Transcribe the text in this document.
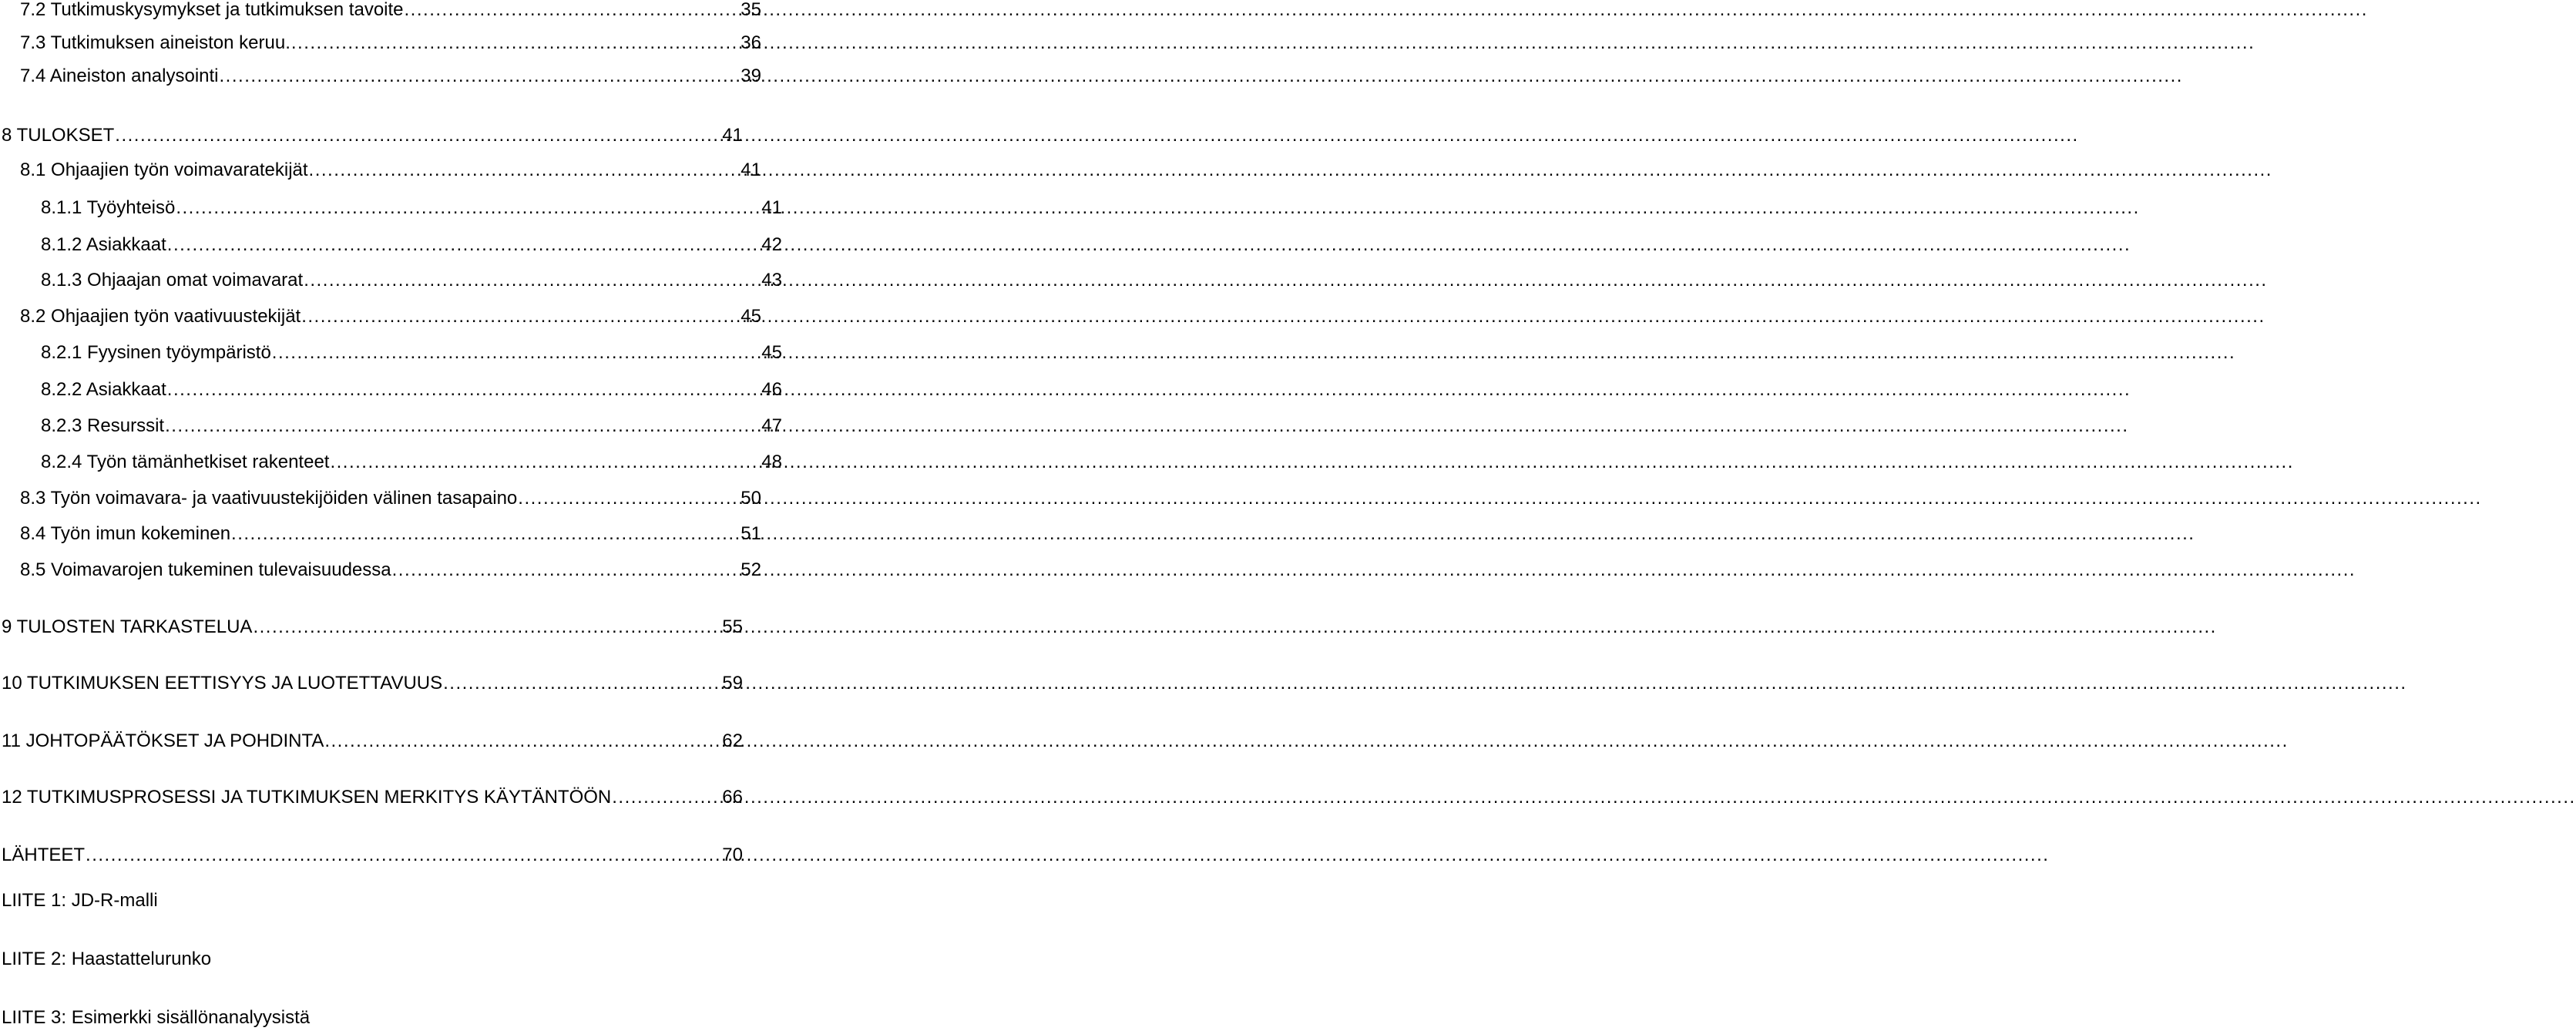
7.2 Tutkimuskysymykset ja tutkimuksen tavoite .....	35
7.3 Tutkimuksen aineiston keruu. .....	36
7.4 Aineiston analysointi .....	39
8 TULOKSET .....	41
8.1 Ohjaajien työn voimavaratekijät .....	41
8.1.1 Työyhteisö .....	41
8.1.2 Asiakkaat .....	42
8.1.3 Ohjaajan omat voimavarat .....	43
8.2 Ohjaajien työn vaativuustekijät .....	45
8.2.1 Fyysinen työympäristö .....	45
8.2.2 Asiakkaat .....	46
8.2.3 Resurssit .....	47
8.2.4 Työn tämänhetkiset rakenteet .....	48
8.3 Työn voimavara- ja vaativuustekijöiden välinen tasapaino .....	50
8.4 Työn imun kokeminen .....	51
8.5 Voimavarojen tukeminen tulevaisuudessa .....	52
9 TULOSTEN TARKASTELUA .....	55
10 TUTKIMUKSEN EETTISYYS JA LUOTETTAVUUS .....	59
11 JOHTOPÄÄTÖKSET JA POHDINTA .....	62
12 TUTKIMUSPROSESSI JA TUTKIMUKSEN MERKITYS KÄYTÄNTÖÖN .....	66
LÄHTEET .....	70
LIITE 1: JD-R-malli
LIITE 2: Haastattelurunko
LIITE 3: Esimerkki sisällönanalyysistä
